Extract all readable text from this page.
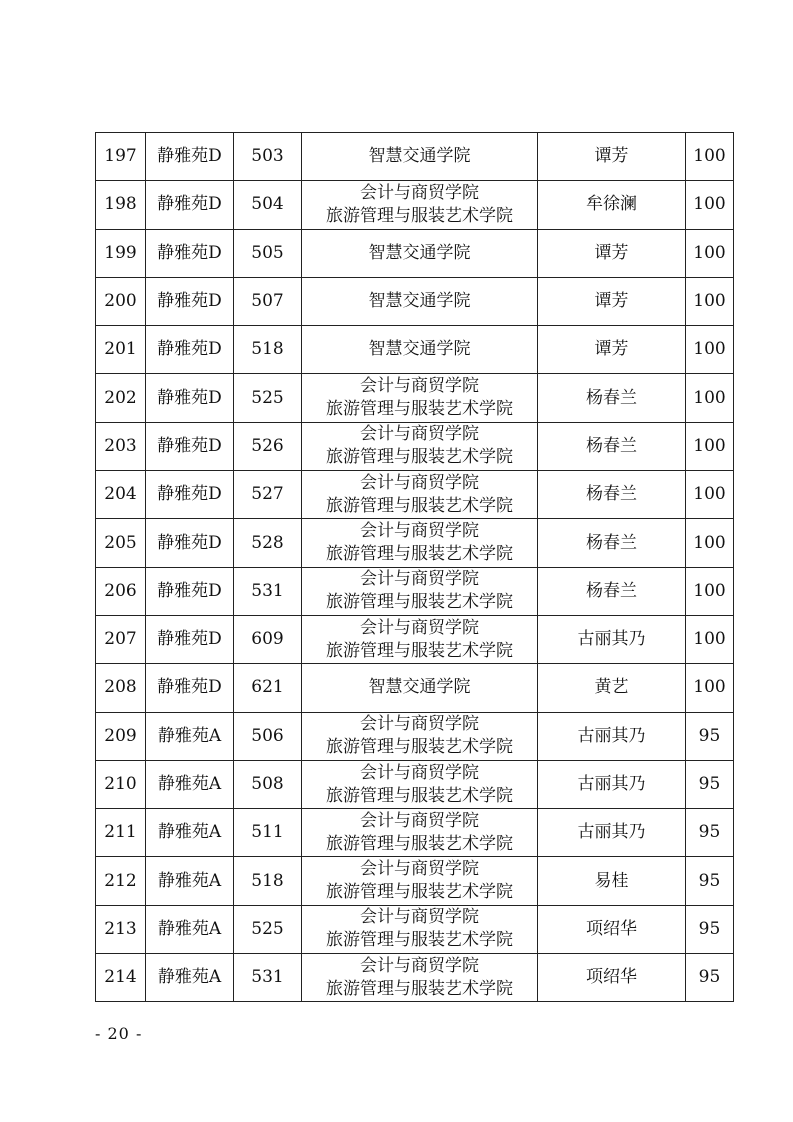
197	静雅苑D	503	智慧交通学院	谭芳	100
198	静雅苑D	504	会计与商贸学院
旅游管理与服装艺术学院	牟徐澜	100
199	静雅苑D	505	智慧交通学院	谭芳	100
200	静雅苑D	507	智慧交通学院	谭芳	100
201	静雅苑D	518	智慧交通学院	谭芳	100
202	静雅苑D	525	会计与商贸学院
旅游管理与服装艺术学院	杨春兰	100
203	静雅苑D	526	会计与商贸学院
旅游管理与服装艺术学院	杨春兰	100
204	静雅苑D	527	会计与商贸学院
旅游管理与服装艺术学院	杨春兰	100
205	静雅苑D	528	会计与商贸学院
旅游管理与服装艺术学院	杨春兰	100
206	静雅苑D	531	会计与商贸学院
旅游管理与服装艺术学院	杨春兰	100
207	静雅苑D	609	会计与商贸学院
旅游管理与服装艺术学院	古丽其乃	100
208	静雅苑D	621	智慧交通学院	黄艺	100
209	静雅苑A	506	会计与商贸学院
旅游管理与服装艺术学院	古丽其乃	95
210	静雅苑A	508	会计与商贸学院
旅游管理与服装艺术学院	古丽其乃	95
211	静雅苑A	511	会计与商贸学院
旅游管理与服装艺术学院	古丽其乃	95
212	静雅苑A	518	会计与商贸学院
旅游管理与服装艺术学院	易桂	95
213	静雅苑A	525	会计与商贸学院
旅游管理与服装艺术学院	项绍华	95
214	静雅苑A	531	会计与商贸学院
旅游管理与服装艺术学院	项绍华	95
- 20 -
